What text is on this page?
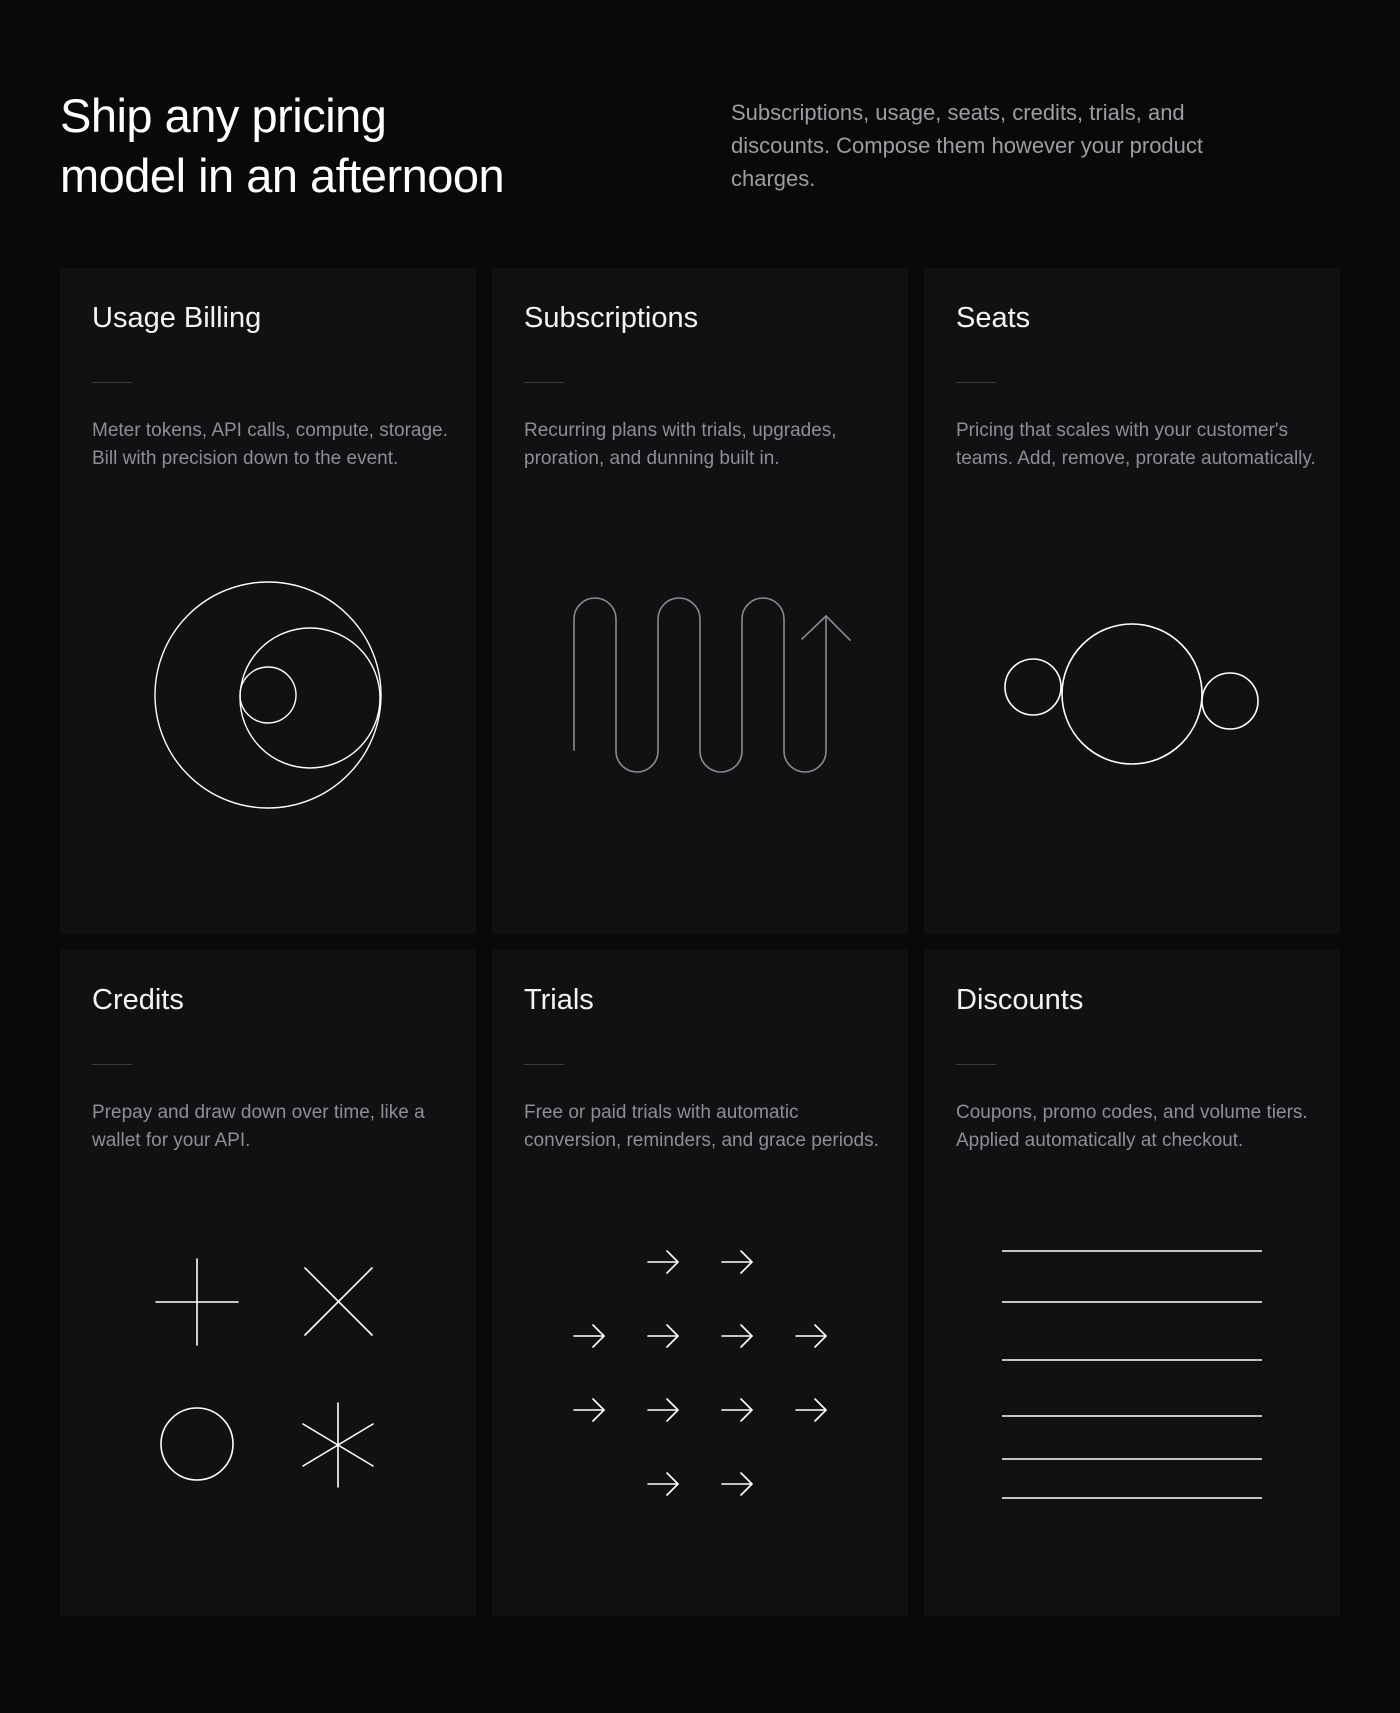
Ship any pricing
model in an afternoon

Subscriptions, usage, seats, credits, trials, and discounts. Compose them however your product charges.

Usage Billing

Meter tokens, API calls, compute, storage. Bill with precision down to the event.

Subscriptions

Recurring plans with trials, upgrades, proration, and dunning built in.

Seats

Pricing that scales with your customer's teams. Add, remove, prorate automatically.

Credits

Prepay and draw down over time, like a wallet for your API.

Trials

Free or paid trials with automatic conversion, reminders, and grace periods.

Discounts

Coupons, promo codes, and volume tiers. Applied automatically at checkout.
